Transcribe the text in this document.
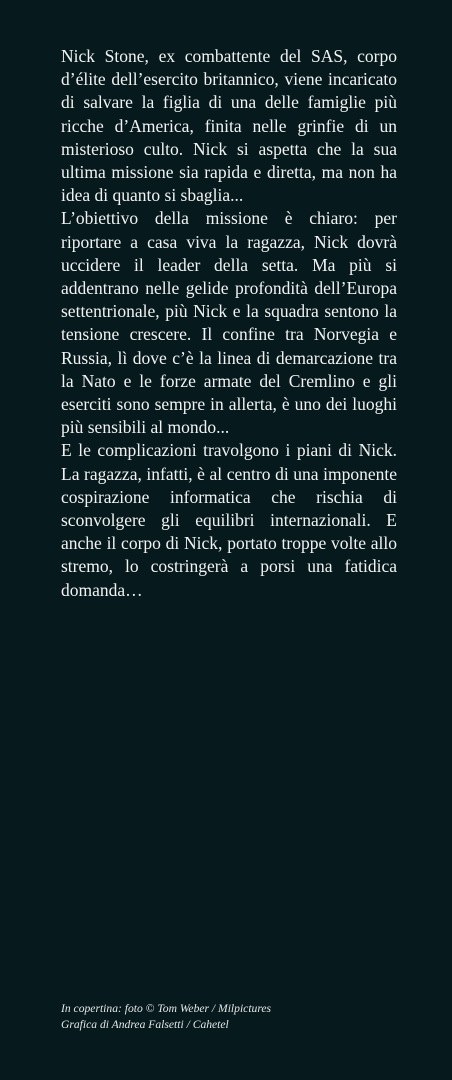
Nick Stone, ex combattente del SAS, corpo d’élite dell’esercito britannico, viene incaricato di salvare la figlia di una delle famiglie più ricche d’America, finita nelle grinfie di un misterioso culto. Nick si aspetta che la sua ultima missione sia rapida e diretta, ma non ha idea di quanto si sbaglia...

L’obiettivo della missione è chiaro: per riportare a casa viva la ragazza, Nick dovrà uccidere il leader della setta. Ma più si addentrano nelle gelide profondità dell’Europa settentrionale, più Nick e la squadra sentono la tensione crescere. Il confine tra Norvegia e Russia, lì dove c’è la linea di demarcazione tra la Nato e le forze armate del Cremlino e gli eserciti sono sempre in allerta, è uno dei luoghi più sensibili al mondo...

E le complicazioni travolgono i piani di Nick. La ragazza, infatti, è al centro di una imponente cospirazione informatica che rischia di sconvolgere gli equilibri internazionali. E anche il corpo di Nick, portato troppe volte allo stremo, lo costringerà a porsi una fatidica domanda…

In copertina: foto © Tom Weber / Milpictures
Grafica di Andrea Falsetti / Cahetel
